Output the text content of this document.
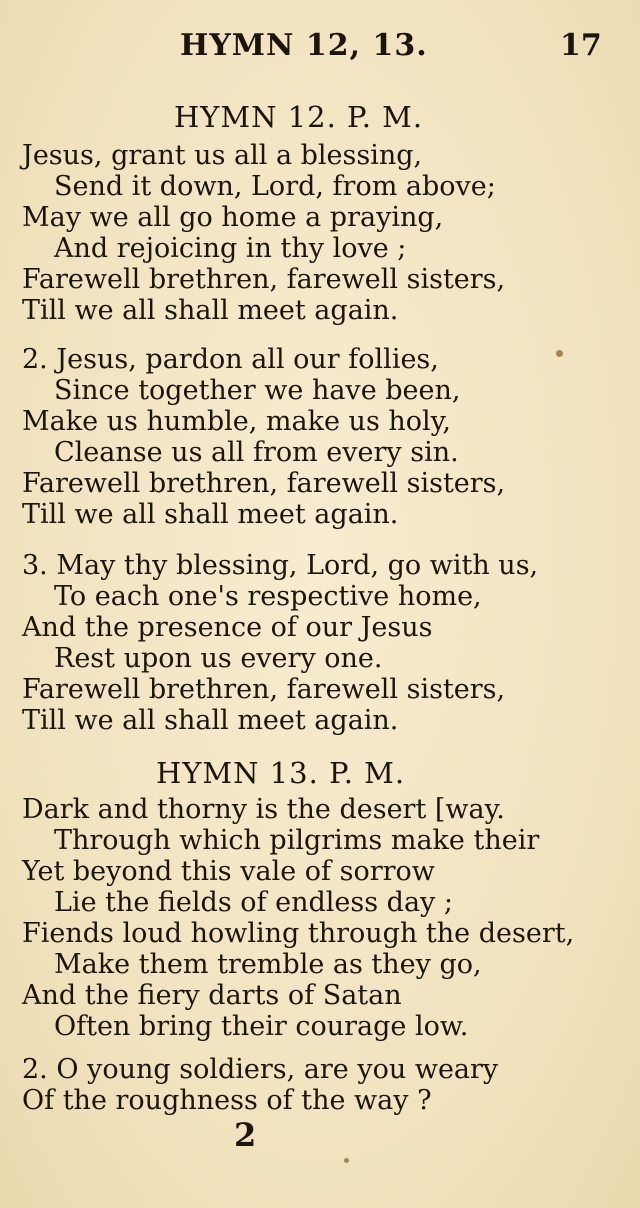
HYMN 12, 13.	17
HYMN 12. P. M.
Jesus, grant us all a blessing,
Send it down, Lord, from above;
May we all go home a praying,
And rejoicing in thy love ;
Farewell brethren, farewell sisters,
Till we all shall meet again.
2. Jesus, pardon all our follies,
Since together we have been,
Make us humble, make us holy,
Cleanse us all from every sin.
Farewell brethren, farewell sisters,
Till we all shall meet again.
3. May thy blessing, Lord, go with us,
To each one's respective home,
And the presence of our Jesus
Rest upon us every one.
Farewell brethren, farewell sisters,
Till we all shall meet again.
HYMN 13. P. M.
Dark and thorny is the desert [way.
Through which pilgrims make their
Yet beyond this vale of sorrow
Lie the fields of endless day ;
Fiends loud howling through the desert,
Make them tremble as they go,
And the fiery darts of Satan
Often bring their courage low.
2. O young soldiers, are you weary
Of the roughness of the way ?
2
